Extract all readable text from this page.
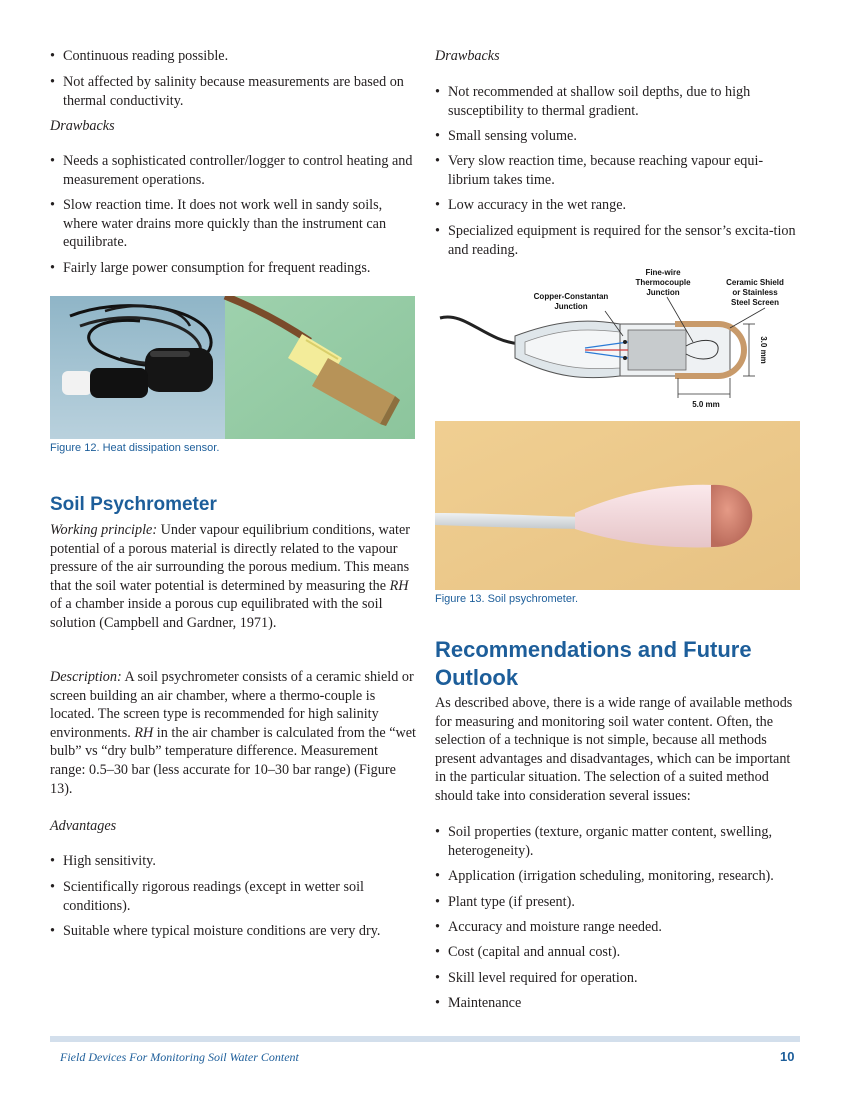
• Continuous reading possible.
• Not affected by salinity because measurements are based on thermal conductivity.
Drawbacks
• Needs a sophisticated controller/logger to control heating and measurement operations.
• Slow reaction time. It does not work well in sandy soils, where water drains more quickly than the instrument can equilibrate.
• Fairly large power consumption for frequent readings.
Figure 12. Heat dissipation sensor.
Soil Psychrometer
Working principle: Under vapour equilibrium conditions, water potential of a porous material is directly related to the vapour pressure of the air surrounding the porous medium. This means that the soil water potential is determined by measuring the RH of a chamber inside a porous cup equilibrated with the soil solution (Campbell and Gardner, 1971).
Description: A soil psychrometer consists of a ceramic shield or screen building an air chamber, where a thermo-couple is located. The screen type is recommended for high salinity environments. RH in the air chamber is calculated from the “wet bulb” vs “dry bulb” temperature difference. Measurement range: 0.5–30 bar (less accurate for 10–30 bar range) (Figure 13).
Advantages
• High sensitivity.
• Scientifically rigorous readings (except in wetter soil conditions).
• Suitable where typical moisture conditions are very dry.
Drawbacks
• Not recommended at shallow soil depths, due to high susceptibility to thermal gradient.
• Small sensing volume.
• Very slow reaction time, because reaching vapour equi-librium takes time.
• Low accuracy in the wet range.
• Specialized equipment is required for the sensor’s excita-tion and reading.
Fine-wire
Thermocouple
Junction
Copper-Constantan
Junction
Ceramic Shield
or Stainless
Steel Screen
3.0 mm
5.0 mm
Figure 13. Soil psychrometer.
Recommendations and Future
Outlook
As described above, there is a wide range of available methods for measuring and monitoring soil water content. Often, the selection of a technique is not simple, because all methods present advantages and disadvantages, which can be important in the particular situation. The selection of a suited method should take into consideration several issues:
• Soil properties (texture, organic matter content, swelling, heterogeneity).
• Application (irrigation scheduling, monitoring, research).
• Plant type (if present).
• Accuracy and moisture range needed.
• Cost (capital and annual cost).
• Skill level required for operation.
• Maintenance
Field Devices For Monitoring Soil Water Content	10
